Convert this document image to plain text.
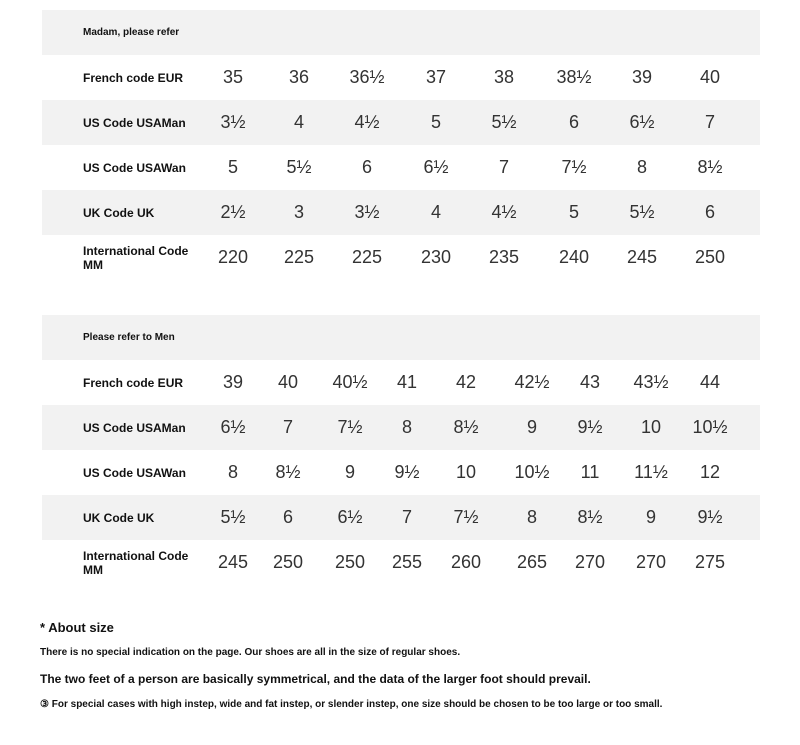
Madam, please refer
French code EUR	35	36	36½	37	38	38½	39	40
US Code USAMan	3½	4	4½	5	5½	6	6½	7
US Code USAWan	5	5½	6	6½	7	7½	8	8½
UK Code UK	2½	3	3½	4	4½	5	5½	6
International Code MM	220	225	225	230	235	240	245	250
Please refer to Men
French code EUR	39	40	40½	41	42	42½	43	43½	44
US Code USAMan	6½	7	7½	8	8½	9	9½	10	10½
US Code USAWan	8	8½	9	9½	10	10½	11	11½	12
UK Code UK	5½	6	6½	7	7½	8	8½	9	9½
International Code MM	245	250	250	255	260	265	270	270	275
* About size
There is no special indication on the page. Our shoes are all in the size of regular shoes.
The two feet of a person are basically symmetrical, and the data of the larger foot should prevail.
③ For special cases with high instep, wide and fat instep, or slender instep, one size should be chosen to be too large or too small.
